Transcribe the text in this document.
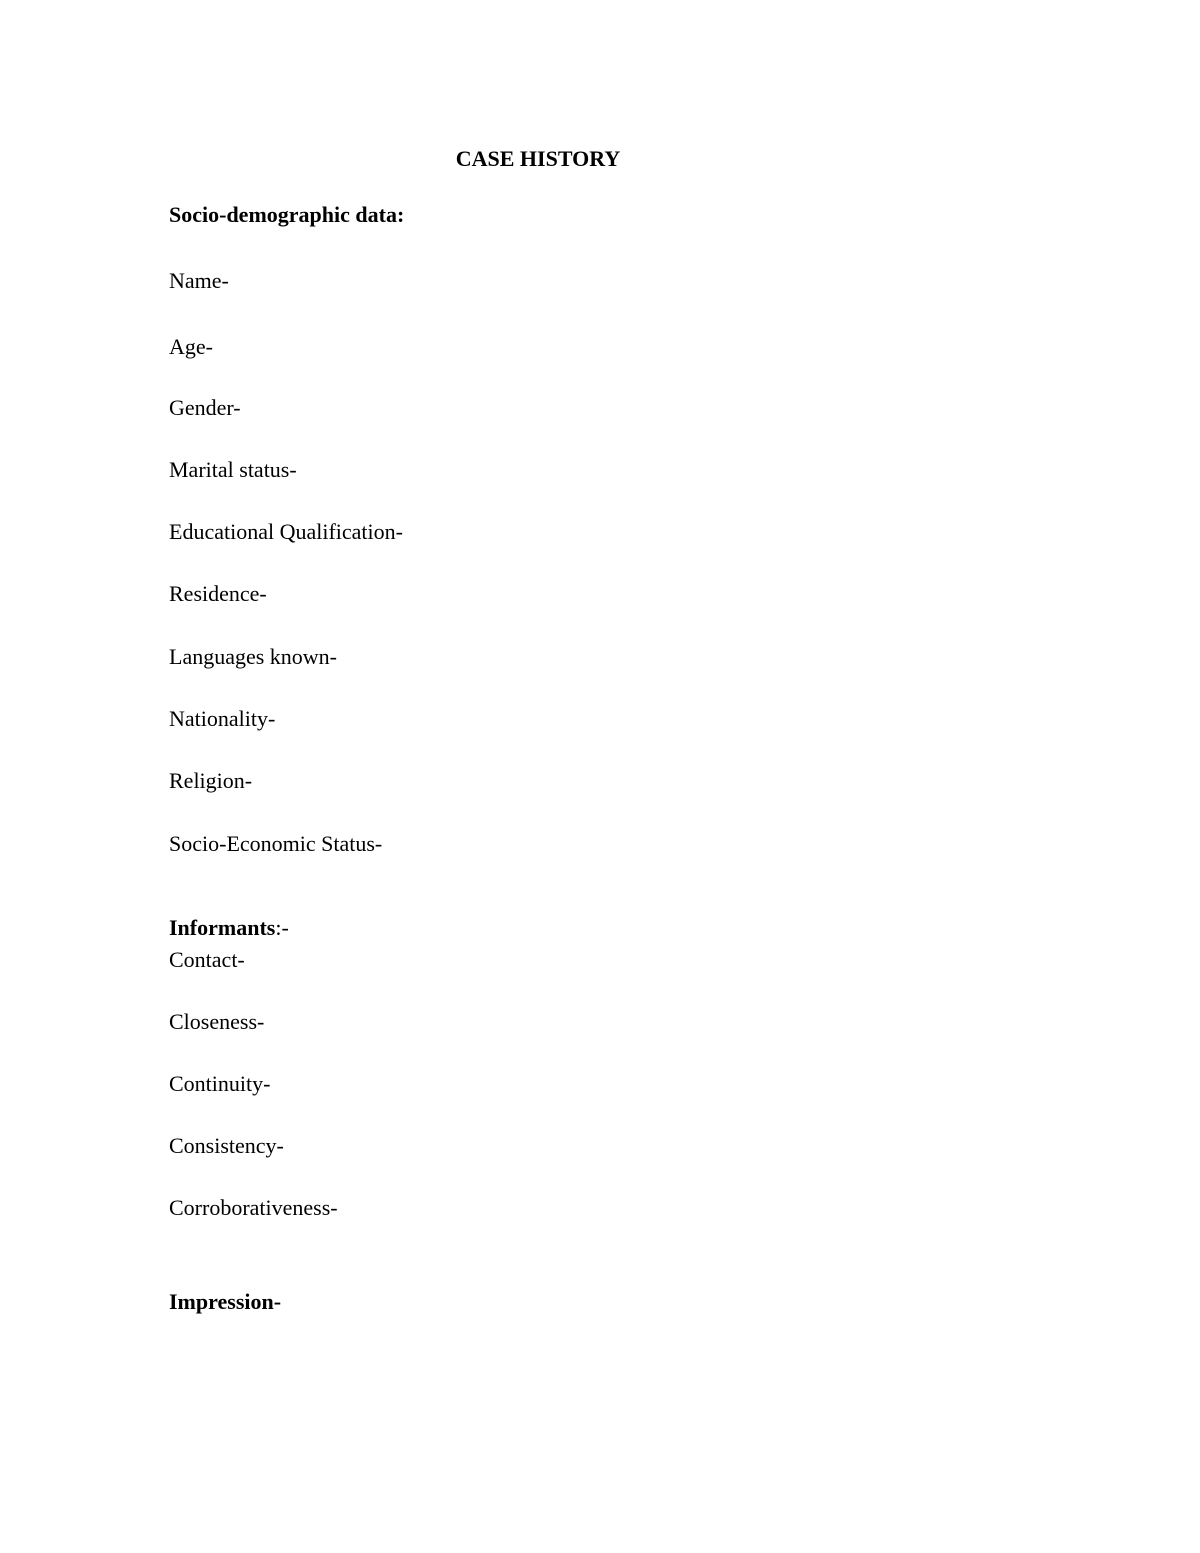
CASE HISTORY
Socio-demographic data:
Name-
Age-
Gender-
Marital status-
Educational Qualification-
Residence-
Languages known-
Nationality-
Religion-
Socio-Economic Status-
Informants:-
Contact-
Closeness-
Continuity-
Consistency-
Corroborativeness-
Impression-
